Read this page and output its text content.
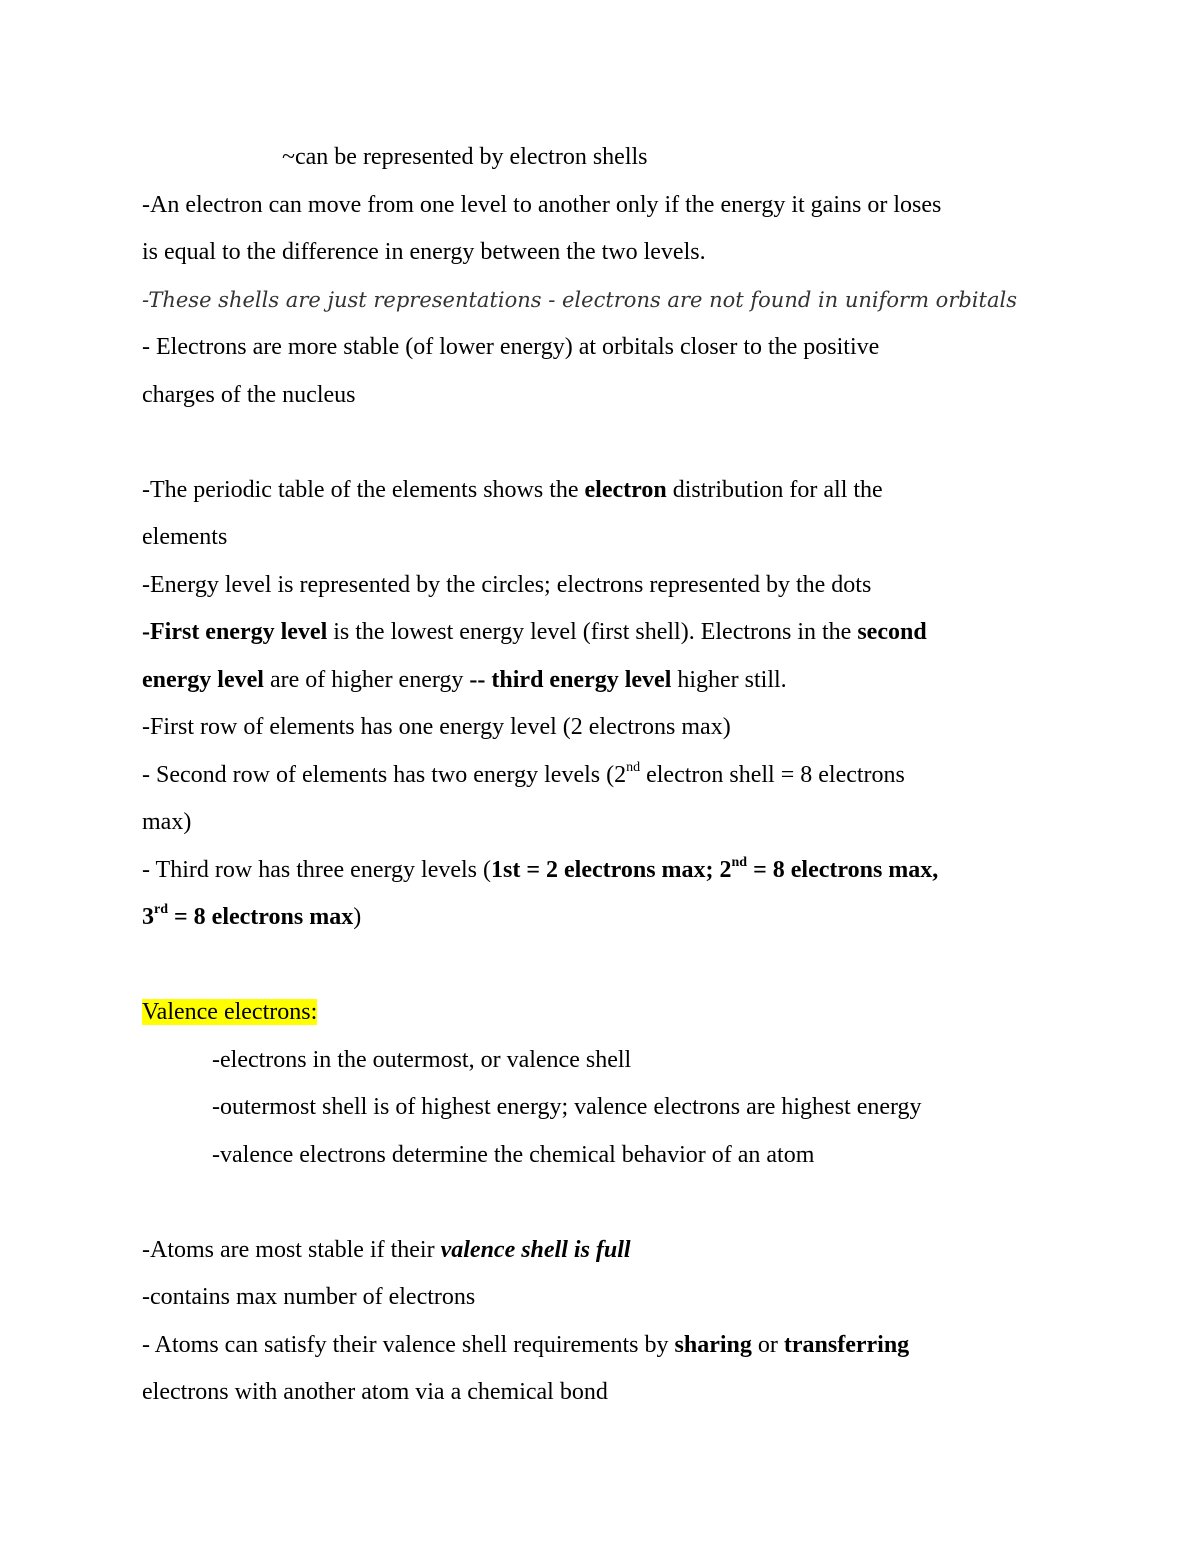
~can be represented by electron shells
-An electron can move from one level to another only if the energy it gains or loses
is equal to the difference in energy between the two levels.
-These shells are just representations - electrons are not found in uniform orbitals
- Electrons are more stable (of lower energy) at orbitals closer to the positive
charges of the nucleus
-The periodic table of the elements shows the electron distribution for all the
elements
-Energy level is represented by the circles; electrons represented by the dots
-First energy level is the lowest energy level (first shell). Electrons in the second
energy level are of higher energy -- third energy level higher still.
-First row of elements has one energy level (2 electrons max)
- Second row of elements has two energy levels (2nd electron shell = 8 electrons
max)
- Third row has three energy levels (1st = 2 electrons max; 2nd = 8 electrons max,
3rd = 8 electrons max)
Valence electrons:
-electrons in the outermost, or valence shell
-outermost shell is of highest energy; valence electrons are highest energy
-valence electrons determine the chemical behavior of an atom
-Atoms are most stable if their valence shell is full
-contains max number of electrons
- Atoms can satisfy their valence shell requirements by sharing or transferring
electrons with another atom via a chemical bond
